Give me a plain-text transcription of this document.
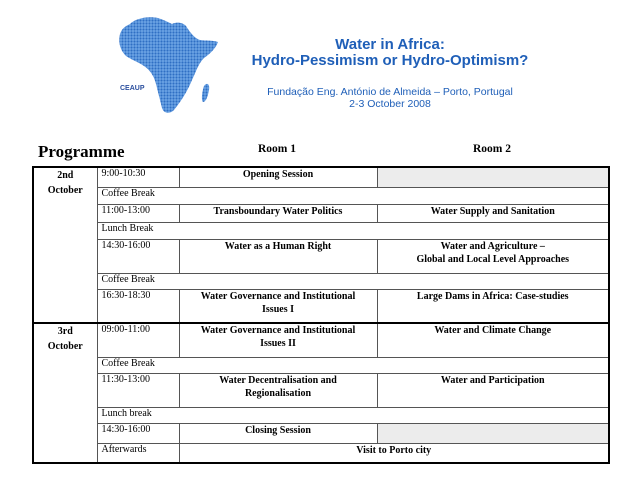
CEAUP
Water in Africa:
Hydro-Pessimism or Hydro-Optimism?
Fundação Eng. António de Almeida – Porto, Portugal
2-3 October 2008
Programme	Room 1	Room 2
2nd
October	9:00-10:30	Opening Session	
	Coffee Break		
	11:00-13:00	Transboundary Water Politics	Water Supply and Sanitation
	Lunch Break		
	14:30-16:00	Water as a Human Right	Water and Agriculture –
Global and Local Level Approaches
	Coffee Break		
	16:30-18:30	Water Governance and Institutional
Issues I	Large Dams in Africa: Case-studies
3rd
October	09:00-11:00	Water Governance and Institutional
Issues II	Water and Climate Change
	Coffee Break		
	11:30-13:00	Water Decentralisation and
Regionalisation	Water and Participation
	Lunch break		
	14:30-16:00	Closing Session	
	Afterwards	Visit to Porto city	
